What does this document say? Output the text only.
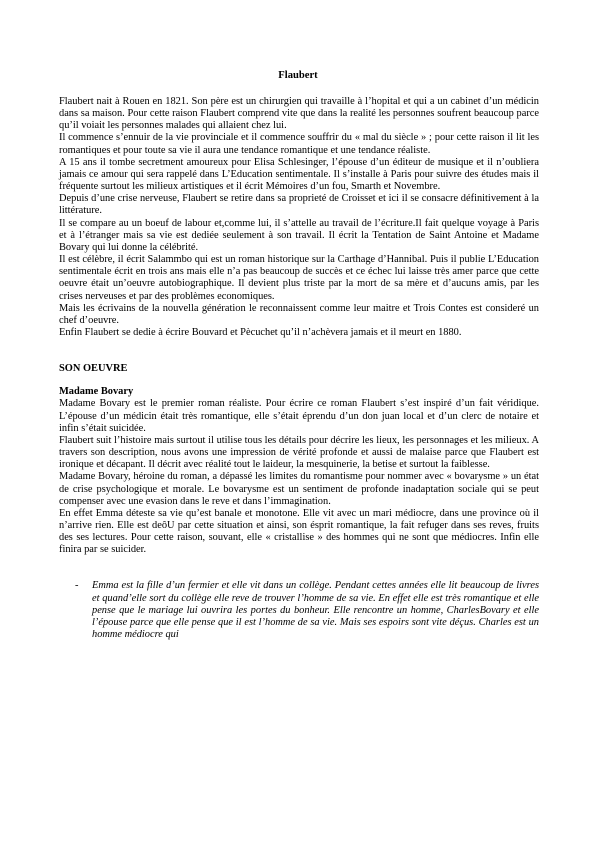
Flaubert

Flaubert nait à Rouen en 1821. Son père est un chirurgien qui travaille à l’hopital et qui a un cabinet d’un médicin dans sa maison. Pour cette raison Flaubert comprend vite que dans la realité les personnes soufrent beaucoup parce qu’il voiait les personnes malades qui allaient chez lui.

Il commence s’ennuir de la vie provinciale et il commence souffrir du « mal du siècle » ; pour cette raison il lit les romantiques et pour toute sa vie il aura une tendance romantique et une tendance réaliste.

A 15 ans il tombe secretment amoureux pour Elisa Schlesinger, l’épouse d’un éditeur de musique et il n’oubliera jamais ce amour qui sera rappelé dans L’Education sentimentale. Il s’installe à Paris pour suivre des études mais il fréquente surtout les milieux artistiques et il écrit Mémoires d’un fou, Smarth et Novembre.

Depuis d’une crise nerveuse, Flaubert se retire dans sa proprieté de Croisset et ici il se consacre définitivement à la littérature.

Il se compare au un boeuf de labour et,comme lui, il s’attelle au travail de l’écriture.Il fait quelque voyage à Paris et à l’étranger mais sa vie est dediée seulement à son travail. Il écrit la Tentation de Saint Antoine et Madame Bovary qui lui donne la célébrité.

Il est célèbre, il écrit Salammbo qui est un roman historique sur la Carthage d’Hannibal. Puis il publie L’Education sentimentale écrit en trois ans mais elle n’a pas beaucoup de succès et ce échec lui laisse très amer parce que cette oeuvre était un’oeuvre autobiographique. Il devient plus triste par la mort de sa mère et d’aucuns amis, par les crises nerveuses et par des problèmes economiques.

Mais les écrivains de la nouvella génération le reconnaissent comme leur maitre et Trois Contes est consideré un chef d’oeuvre.

Enfin Flaubert se dedie à écrire Bouvard et Pècuchet qu’il n’achèvera jamais et il meurt en 1880.

SON OEUVRE

Madame Bovary

Madame Bovary est le premier roman réaliste. Pour écrire ce roman Flaubert s’est inspiré d’un fait véridique. L’épouse d’un médicin était très romantique, elle s’était éprendu d’un don juan local et d’un clerc de notaire et infin s’était suicidée.

Flaubert suit l’histoire mais surtout il utilise tous les détails pour décrire les lieux, les personnages et les milieux. A travers son description, nous avons une impression de vérité profonde et aussi de malaise parce que Flaubert est ironique et décapant. Il décrit avec réalité tout le laideur, la mesquinerie, la betise et surtout la faiblesse.

Madame Bovary, héroine du roman, a dépassé les limites du romantisme pour nommer avec « bovarysme » un état de crise psychologique et morale. Le bovarysme est un sentiment de profonde inadaptation sociale qui se peut compenser avec une evasion dans le reve et dans l’immagination.

En effet Emma déteste sa vie qu’est banale et monotone. Elle vit avec un mari médiocre, dans une province où il n’arrive rien. Elle est deôU par cette situation et ainsi, son ésprit romantique, la fait refuger dans ses reves, fruits des ses lectures. Pour cette raison, souvant, elle « cristallise » des hommes qui ne sont que médiocres. Infin elle finira par se suicider.

- Emma est la fille d’un fermier et elle vit dans un collège. Pendant cettes années elle lit beaucoup de livres et quand’elle sort du collège elle reve de trouver l’homme de sa vie. En effet elle est très romantique et elle pense que le mariage lui ouvrira les portes du bonheur. Elle rencontre un homme, CharlesBovary et elle l’épouse parce que elle pense que il est l’homme de sa vie. Mais ses espoirs sont vite déçus. Charles est un homme médiocre qui
